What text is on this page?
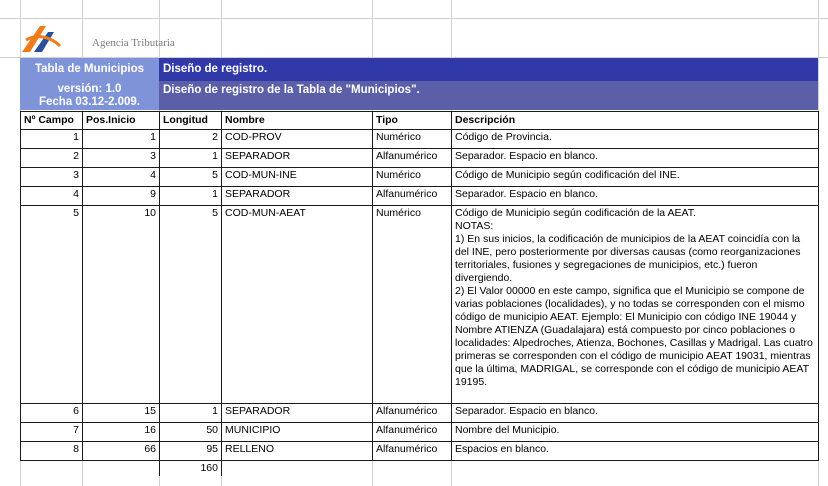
Agencia Tributaria
Tabla de Municipios	Diseño de registro.
versión: 1.0
Fecha 03.12-2.009.
Diseño de registro de la Tabla de "Municipios".
Nº Campo	Pos.Inicio	Longitud	Nombre	Tipo	Descripción
1	1	2	COD-PROV	Numérico	Código de Provincia.
2	3	1	SEPARADOR	Alfanumérico	Separador. Espacio en blanco.
3	4	5	COD-MUN-INE	Numérico	Código de Municipio según codificación del INE.
4	9	1	SEPARADOR	Alfanumérico	Separador. Espacio en blanco.
5	10	5	COD-MUN-AEAT	Numérico	Código de Municipio según codificación de la AEAT.
NOTAS:
1) En sus inicios, la codificación de municipios de la AEAT coincidía con la del INE, pero posteriormente por diversas causas (como reorganizaciones territoriales, fusiones y segregaciones de municipios, etc.) fueron divergiendo.
2) El Valor 00000 en este campo, significa que el Municipio se compone de varias poblaciones (localidades), y no todas se corresponden con el mismo código de municipio AEAT. Ejemplo: El Municipio con código INE 19044 y Nombre ATIENZA (Guadalajara) está compuesto por cinco poblaciones o localidades: Alpedroches, Atienza, Bochones, Casillas y Madrigal. Las cuatro primeras se corresponden con el código de municipio AEAT 19031, mientras que la última, MADRIGAL, se corresponde con el código de municipio AEAT 19195.
6	15	1	SEPARADOR	Alfanumérico	Separador. Espacio en blanco.
7	16	50	MUNICIPIO	Alfanumérico	Nombre del Municipio.
8	66	95	RELLENO	Alfanumérico	Espacios en blanco.
		160			
